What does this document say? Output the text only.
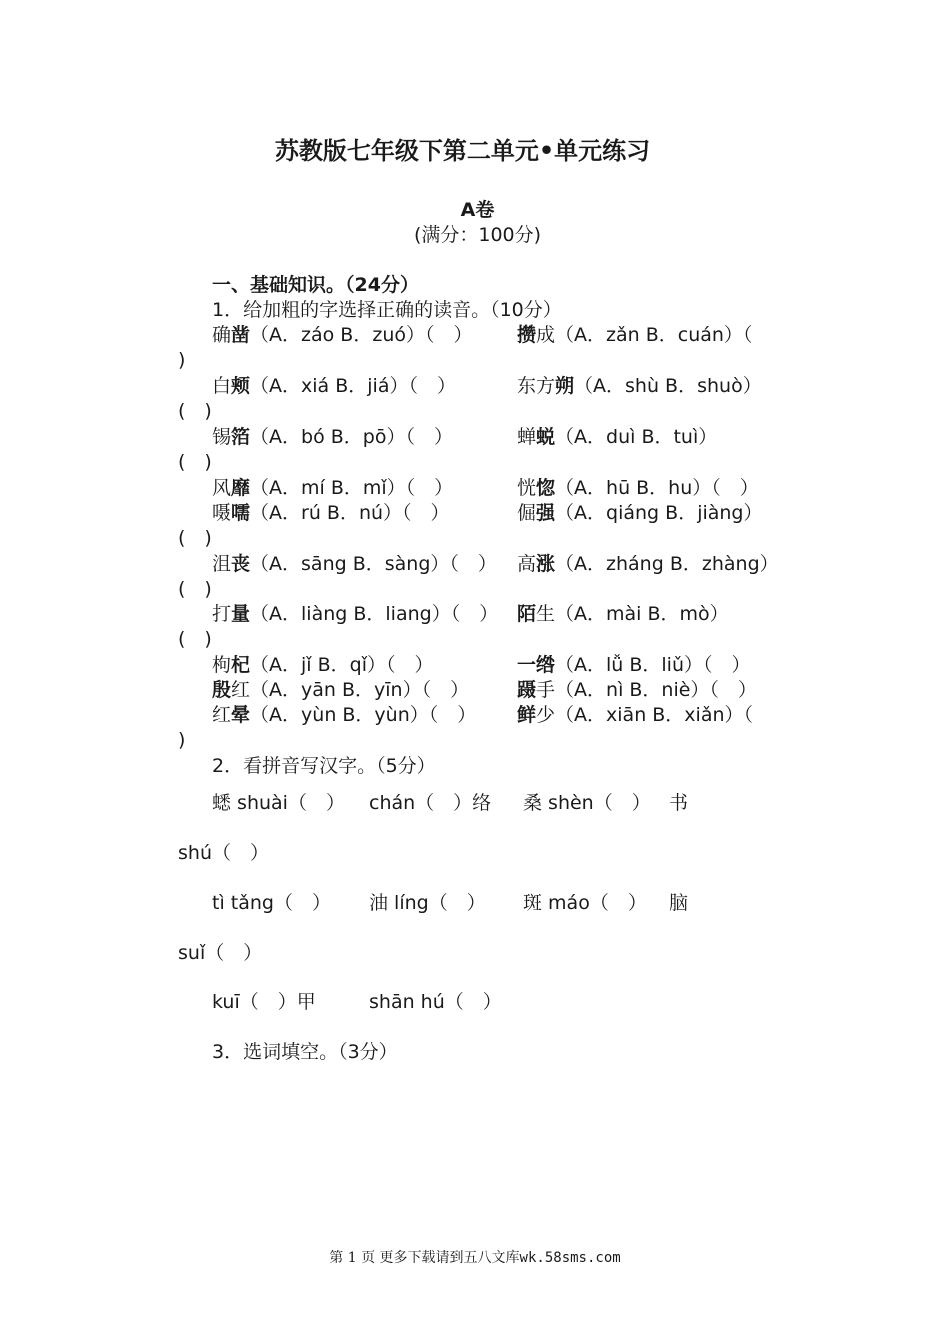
苏教版七年级下第二单元•单元练习
A卷
(满分：100分)
一、基础知识。（24分）
1．给加粗的字选择正确的读音。（10分）
确凿（A．záo B．zuó）（　） 攒成（A．zǎn B．cuán）（
)
白颊（A．xiá B．jiá）（　）	东方朔（A．shù B．shuò）
(　)
锡箔（A．bó B．pō）（　）	蝉蜕（A．duì B．tuì）
(　)
风靡（A．mí B．mǐ）（　）	恍惚（A．hū B．hu）（　）
嗫嚅（A．rú B．nú）（　）	倔强（A．qiáng B．jiàng）
(　)
沮丧（A．sāng B．sàng）（　） 高涨（A．zháng B．zhàng）
(　)
打量（A．liàng B．liang）（　） 陌生（A．mài B．mò）
(　)
枸杞（A．jǐ B．qǐ）（　）	一绺（A．lǚ B．liǔ）（　）
殷红（A．yān B．yīn）（　）	蹑手（A．nì B．niè）（　）
红晕（A．yùn B．yùn）（　） 鲜少（A．xiān B．xiǎn）（
)
2．看拼音写汉字。（5分）
蟋 shuài（　） chán（　）络 桑 shèn（　） 书
shú（　）
tì tǎng（　） 油 líng（　） 斑 máo（　） 脑
suǐ（　）
kuī（　）甲	shān hú（　）
3．选词填空。（3分）
第 1 页 更多下载请到五八文库wk.58sms.com
